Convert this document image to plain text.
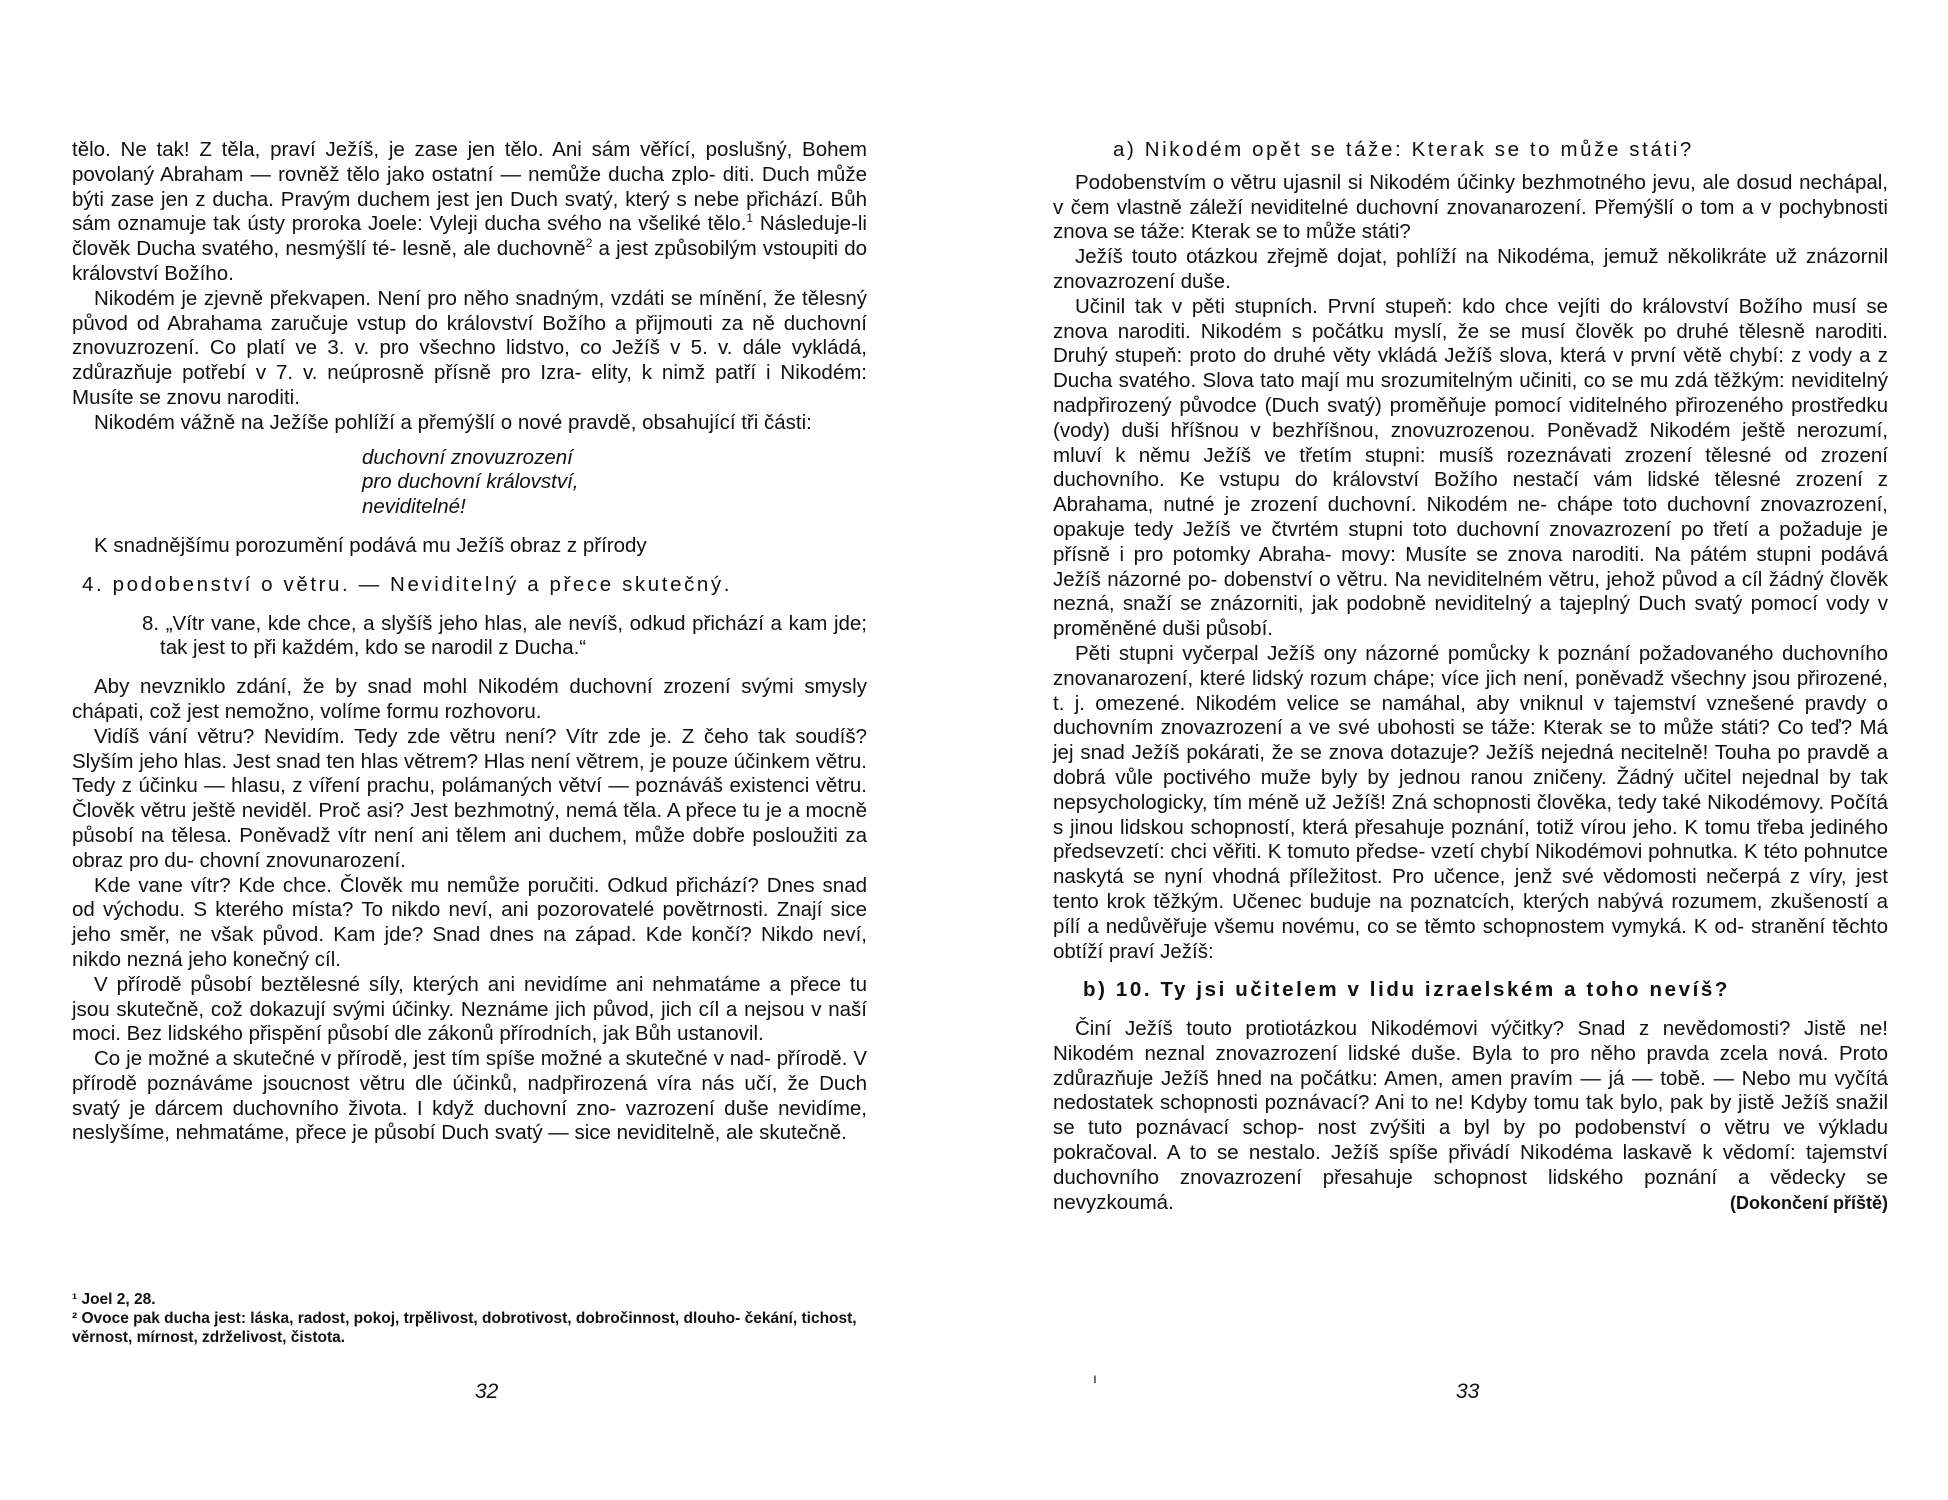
tělo. Ne tak! Z těla, praví Ježíš, je zase jen tělo. Ani sám věřící, poslušný, Bohem povolaný Abraham — rovněž tělo jako ostatní — nemůže ducha zplo- diti. Duch může býti zase jen z ducha. Pravým duchem jest jen Duch svatý, který s nebe přichází. Bůh sám oznamuje tak ústy proroka Joele: Vyleji ducha svého na všeliké tělo.$^1$ Následuje-li člověk Ducha svatého, nesmýšlí té- lesně, ale duchovně$^2$ a jest způsobilým vstoupiti do království Božího.

Nikodém je zjevně překvapen. Není pro něho snadným, vzdáti se mínění, že tělesný původ od Abrahama zaručuje vstup do království Božího a přijmouti za ně duchovní znovuzrození. Co platí ve 3. v. pro všechno lidstvo, co Ježíš v 5. v. dále vykládá, zdůrazňuje potřebí v 7. v. neúprosně přísně pro Izra- elity, k nimž patří i Nikodém: Musíte se znovu naroditi.

Nikodém vážně na Ježíše pohlíží a přemýšlí o nové pravdě, obsahující tři části:

duchovní znovuzrození
pro duchovní království,
neviditelné!

K snadnějšímu porozumění podává mu Ježíš obraz z přírody

4. podobenství o větru. — Neviditelný a přece skutečný.

8. „Vítr vane, kde chce, a slyšíš jeho hlas, ale nevíš, odkud přichází a kam jde; tak jest to při každém, kdo se narodil z Ducha.“

Aby nevzniklo zdání, že by snad mohl Nikodém duchovní zrození svými smysly chápati, což jest nemožno, volíme formu rozhovoru.

Vidíš vání větru? Nevidím. Tedy zde větru není? Vítr zde je. Z čeho tak soudíš? Slyším jeho hlas. Jest snad ten hlas větrem? Hlas není větrem, je pouze účinkem větru. Tedy z účinku — hlasu, z víření prachu, polámaných větví — poznáváš existenci větru. Člověk větru ještě neviděl. Proč asi? Jest bezhmotný, nemá těla. A přece tu je a mocně působí na tělesa. Poněvadž vítr není ani tělem ani duchem, může dobře posloužiti za obraz pro du- chovní znovunarození.

Kde vane vítr? Kde chce. Člověk mu nemůže poručiti. Odkud přichází? Dnes snad od východu. S kterého místa? To nikdo neví, ani pozorovatelé povětrnosti. Znají sice jeho směr, ne však původ. Kam jde? Snad dnes na západ. Kde končí? Nikdo neví, nikdo nezná jeho konečný cíl.

V přírodě působí beztělesné síly, kterých ani nevidíme ani nehmatáme a přece tu jsou skutečně, což dokazují svými účinky. Neznáme jich původ, jich cíl a nejsou v naší moci. Bez lidského přispění působí dle zákonů přírodních, jak Bůh ustanovil.

Co je možné a skutečné v přírodě, jest tím spíše možné a skutečné v nad- přírodě. V přírodě poznáváme jsoucnost větru dle účinků, nadpřirozená víra nás učí, že Duch svatý je dárcem duchovního života. I když duchovní zno- vazrození duše nevidíme, neslyšíme, nehmatáme, přece je působí Duch svatý — sice neviditelně, ale skutečně.

¹ Joel 2, 28.

² Ovoce pak ducha jest: láska, radost, pokoj, trpělivost, dobrotivost, dobročinnost, dlouho- čekání, tichost, věrnost, mírnost, zdrželivost, čistota.

32
a) Nikodém opět se táže: Kterak se to může státi?

Podobenstvím o větru ujasnil si Nikodém účinky bezhmotného jevu, ale dosud nechápal, v čem vlastně záleží neviditelné duchovní znovanarození. Přemýšlí o tom a v pochybnosti znova se táže: Kterak se to může státi?

Ježíš touto otázkou zřejmě dojat, pohlíží na Nikodéma, jemuž několikráte už znázornil znovazrození duše.

Učinil tak v pěti stupních. První stupeň: kdo chce vejíti do království Božího musí se znova naroditi. Nikodém s počátku myslí, že se musí člověk po druhé tělesně naroditi. Druhý stupeň: proto do druhé věty vkládá Ježíš slova, která v první větě chybí: z vody a z Ducha svatého. Slova tato mají mu srozumitelným učiniti, co se mu zdá těžkým: neviditelný nadpřirozený původce (Duch svatý) proměňuje pomocí viditelného přirozeného prostředku (vody) duši hříšnou v bezhříšnou, znovuzrozenou. Poněvadž Nikodém ještě nerozumí, mluví k němu Ježíš ve třetím stupni: musíš rozeznávati zrození tělesné od zrození duchovního. Ke vstupu do království Božího nestačí vám lidské tělesné zrození z Abrahama, nutné je zrození duchovní. Nikodém ne- chápe toto duchovní znovazrození, opakuje tedy Ježíš ve čtvrtém stupni toto duchovní znovazrození po třetí a požaduje je přísně i pro potomky Abraha- movy: Musíte se znova naroditi. Na pátém stupni podává Ježíš názorné po- dobenství o větru. Na neviditelném větru, jehož původ a cíl žádný člověk nezná, snaží se znázorniti, jak podobně neviditelný a tajeplný Duch svatý pomocí vody v proměněné duši působí.

Pěti stupni vyčerpal Ježíš ony názorné pomůcky k poznání požadovaného duchovního znovanarození, které lidský rozum chápe; více jich není, poněvadž všechny jsou přirozené, t. j. omezené. Nikodém velice se namáhal, aby vniknul v tajemství vznešené pravdy o duchovním znovazrození a ve své ubohosti se táže: Kterak se to může státi? Co teď? Má jej snad Ježíš pokárati, že se znova dotazuje? Ježíš nejedná necitelně! Touha po pravdě a dobrá vůle poctivého muže byly by jednou ranou zničeny. Žádný učitel nejednal by tak nepsychologicky, tím méně už Ježíš! Zná schopnosti člověka, tedy také Nikodémovy. Počítá s jinou lidskou schopností, která přesahuje poznání, totiž vírou jeho. K tomu třeba jediného předsevzetí: chci věřiti. K tomuto předse- vzetí chybí Nikodémovi pohnutka. K této pohnutce naskytá se nyní vhodná příležitost. Pro učence, jenž své vědomosti nečerpá z víry, jest tento krok těžkým. Učenec buduje na poznatcích, kterých nabývá rozumem, zkušeností a pílí a nedůvěřuje všemu novému, co se těmto schopnostem vymyká. K od- stranění těchto obtíží praví Ježíš:

b) 10. Ty jsi učitelem v lidu izraelském a toho nevíš?

Činí Ježíš touto protiotázkou Nikodémovi výčitky? Snad z nevědomosti? Jistě ne! Nikodém neznal znovazrození lidské duše. Byla to pro něho pravda zcela nová. Proto zdůrazňuje Ježíš hned na počátku: Amen, amen pravím — já — tobě. — Nebo mu vyčítá nedostatek schopnosti poznávací? Ani to ne! Kdyby tomu tak bylo, pak by jistě Ježíš snažil se tuto poznávací schop- nost zvýšiti a byl by po podobenství o větru ve výkladu pokračoval. A to se nestalo. Ježíš spíše přivádí Nikodéma laskavě k vědomí: tajemství duchovního znovazrození přesahuje schopnost lidského poznání a vědecky se nevyzkoumá.	(Dokončení příště)
ı
33
